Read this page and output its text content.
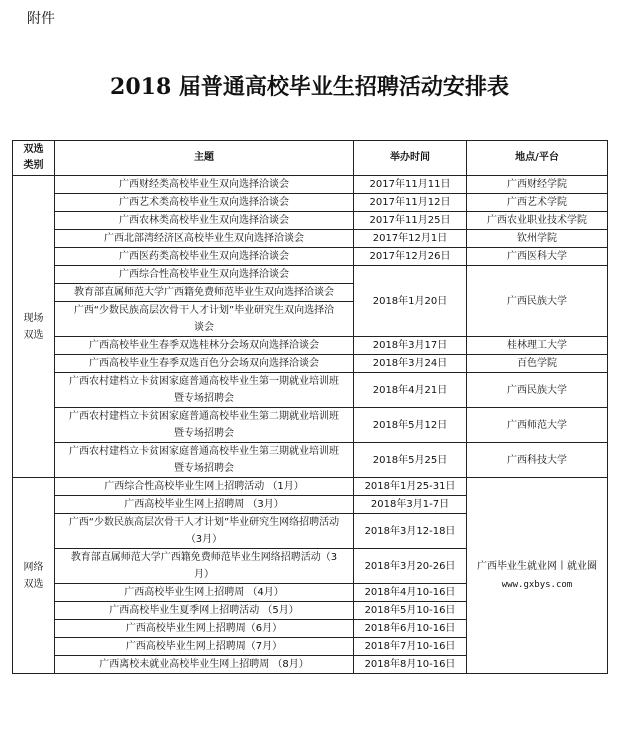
附件
2018 届普通高校毕业生招聘活动安排表
双选
类别	主题	举办时间	地点/平台
现场
双选	广西财经类高校毕业生双向选择洽谈会	2017年11月11日	广西财经学院
	广西艺术类高校毕业生双向选择洽谈会	2017年11月12日	广西艺术学院
	广西农林类高校毕业生双向选择洽谈会	2017年11月25日	广西农业职业技术学院
	广西北部湾经济区高校毕业生双向选择洽谈会	2017年12月1日	钦州学院
	广西医药类高校毕业生双向选择洽谈会	2017年12月26日	广西医科大学
	广西综合性高校毕业生双向选择洽谈会	2018年1月20日	广西民族大学
	教育部直属师范大学广西籍免费师范毕业生双向选择洽谈会		
	广西“少数民族高层次骨干人才计划”毕业研究生双向选择洽谈会		
	广西高校毕业生春季双选桂林分会场双向选择洽谈会	2018年3月17日	桂林理工大学
	广西高校毕业生春季双选百色分会场双向选择洽谈会	2018年3月24日	百色学院
	广西农村建档立卡贫困家庭普通高校毕业生第一期就业培训班暨专场招聘会	2018年4月21日	广西民族大学
	广西农村建档立卡贫困家庭普通高校毕业生第二期就业培训班暨专场招聘会	2018年5月12日	广西师范大学
	广西农村建档立卡贫困家庭普通高校毕业生第三期就业培训班暨专场招聘会	2018年5月25日	广西科技大学
网络
双选	广西综合性高校毕业生网上招聘活动 （1月）	2018年1月25-31日	广西毕业生就业网丨就业圈
www.gxbys.com

	广西高校毕业生网上招聘周 （3月）	2018年3月1-7日	
	广西“少数民族高层次骨干人才计划”毕业研究生网络招聘活动（3月）	2018年3月12-18日	
	教育部直属师范大学广西籍免费师范毕业生网络招聘活动（3月）	2018年3月20-26日	
	广西高校毕业生网上招聘周 （4月）	2018年4月10-16日	
	广西高校毕业生夏季网上招聘活动 （5月）	2018年5月10-16日	
	广西高校毕业生网上招聘周（6月）	2018年6月10-16日	
	广西高校毕业生网上招聘周（7月）	2018年7月10-16日	
	广西离校未就业高校毕业生网上招聘周 （8月）	2018年8月10-16日	
